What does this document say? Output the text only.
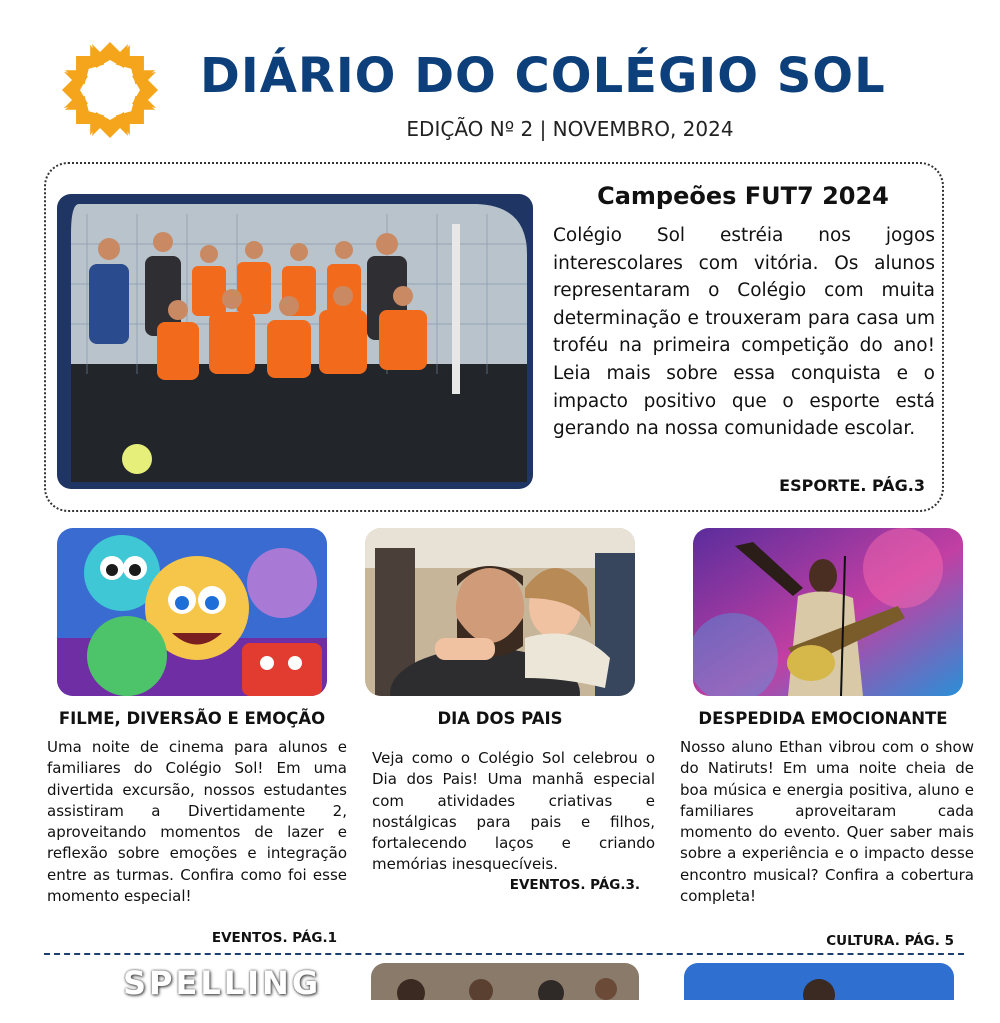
DIÁRIO DO COLÉGIO SOL
EDIÇÃO Nº 2 | NOVEMBRO, 2024
Campeões FUT7 2024
Colégio Sol estréia nos jogos interescolares com vitória. Os alunos representaram o Colégio com muita determinação e trouxeram para casa um troféu na primeira competição do ano! Leia mais sobre essa conquista e o impacto positivo que o esporte está gerando na nossa comunidade escolar.
ESPORTE. PÁG.3
FILME, DIVERSÃO E EMOÇÃO
Uma noite de cinema para alunos e familiares do Colégio Sol! Em uma divertida excursão, nossos estudantes assistiram a Divertidamente 2, aproveitando momentos de lazer e reflexão sobre emoções e integração entre as turmas. Confira como foi esse momento especial!
EVENTOS. PÁG.1
DIA DOS PAIS
Veja como o Colégio Sol celebrou o Dia dos Pais! Uma manhã especial com atividades criativas e nostálgicas para pais e filhos, fortalecendo laços e criando memórias inesquecíveis.
EVENTOS. PÁG.3.
DESPEDIDA EMOCIONANTE
Nosso aluno Ethan vibrou com o show do Natiruts! Em uma noite cheia de boa música e energia positiva, aluno e familiares aproveitaram cada momento do evento. Quer saber mais sobre a experiência e o impacto desse encontro musical? Confira a cobertura completa!
CULTURA. PÁG. 5
SPELLING
